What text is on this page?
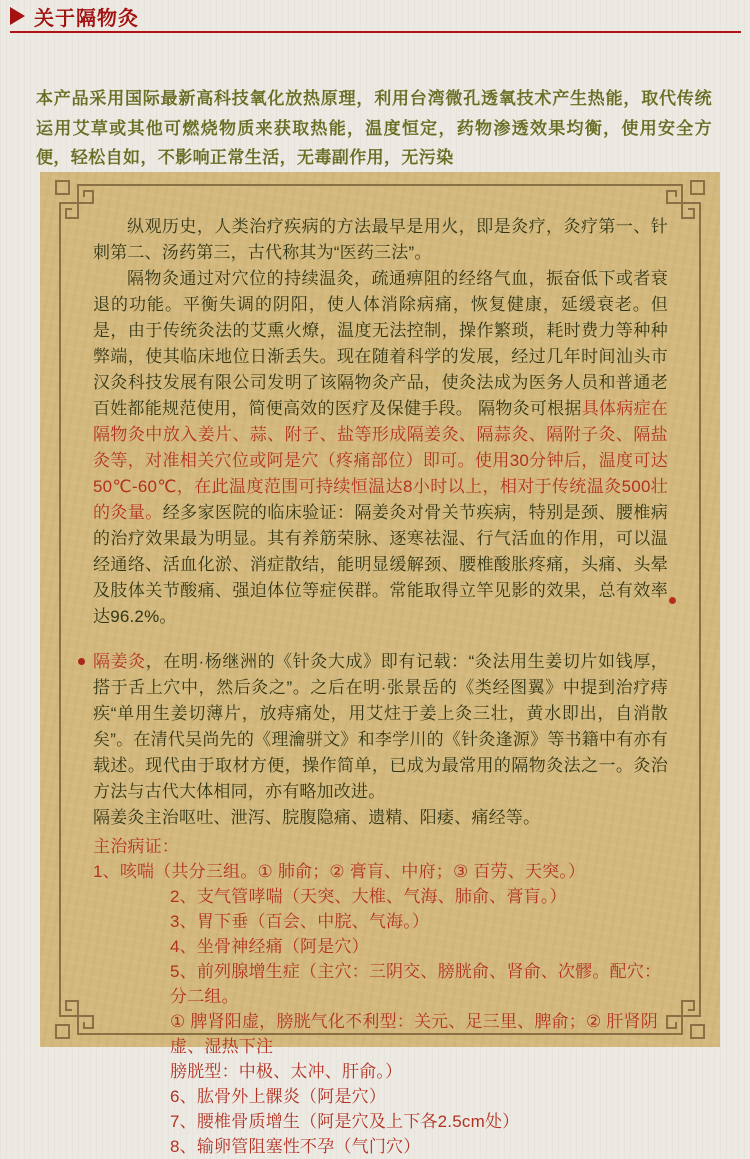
关于隔物灸

本产品采用国际最新高科技氧化放热原理，利用台湾微孔透氧技术产生热能，取代传统运用艾草或其他可燃烧物质来获取热能，温度恒定，药物渗透效果均衡，使用安全方便，轻松自如，不影响正常生活，无毒副作用，无污染

纵观历史，人类治疗疾病的方法最早是用火，即是灸疗，灸疗第一、针刺第二、汤药第三，古代称其为“医药三法”。

隔物灸通过对穴位的持续温灸，疏通痹阻的经络气血，振奋低下或者衰退的功能。平衡失调的阴阳，使人体消除病痛，恢复健康，延缓衰老。但是，由于传统灸法的艾熏火燎，温度无法控制，操作繁琐，耗时费力等种种弊端，使其临床地位日渐丢失。现在随着科学的发展，经过几年时间汕头市汉灸科技发展有限公司发明了该隔物灸产品，使灸法成为医务人员和普通老百姓都能规范使用，简便高效的医疗及保健手段。 隔物灸可根据具体病症在隔物灸中放入姜片、蒜、附子、盐等形成隔姜灸、隔蒜灸、隔附子灸、隔盐灸等，对准相关穴位或阿是穴（疼痛部位）即可。使用30分钟后，温度可达50℃-60℃，在此温度范围可持续恒温达8小时以上，相对于传统温灸500壮的灸量。经多家医院的临床验证：隔姜灸对骨关节疾病，特别是颈、腰椎病的治疗效果最为明显。其有养筋荣脉、逐寒祛湿、行气活血的作用，可以温经通络、活血化淤、消症散结，能明显缓解颈、腰椎酸胀疼痛，头痛、头晕及肢体关节酸痛、强迫体位等症侯群。常能取得立竿见影的效果，总有效率达96.2%。

隔姜灸，在明·杨继洲的《针灸大成》即有记载：“灸法用生姜切片如钱厚，搭于舌上穴中，然后灸之”。之后在明·张景岳的《类经图翼》中提到治疗痔疾“单用生姜切薄片，放痔痛处，用艾炷于姜上灸三壮，黄水即出，自消散矣”。在清代吴尚先的《理瀹骈文》和李学川的《针灸逢源》等书籍中有亦有载述。现代由于取材方便，操作简单，已成为最常用的隔物灸法之一。灸治方法与古代大体相同，亦有略加改进。

隔姜灸主治呕吐、泄泻、脘腹隐痛、遗精、阳痿、痛经等。

主治病证：1、咳喘（共分三组。① 肺俞；② 膏肓、中府；③ 百劳、天突。）

2、支气管哮喘（天突、大椎、气海、肺俞、膏肓。）

3、胃下垂（百会、中脘、气海。）

4、坐骨神经痛（阿是穴）

5、前列腺增生症（主穴：三阴交、膀胱俞、肾俞、次髎。配穴：分二组。

① 脾肾阳虚，膀胱气化不利型：关元、足三里、脾俞；② 肝肾阴虚、湿热下注

膀胱型：中极、太冲、肝俞。）

6、肱骨外上髁炎（阿是穴）

7、腰椎骨质增生（阿是穴及上下各2.5cm处）

8、输卵管阻塞性不孕（气门穴）
